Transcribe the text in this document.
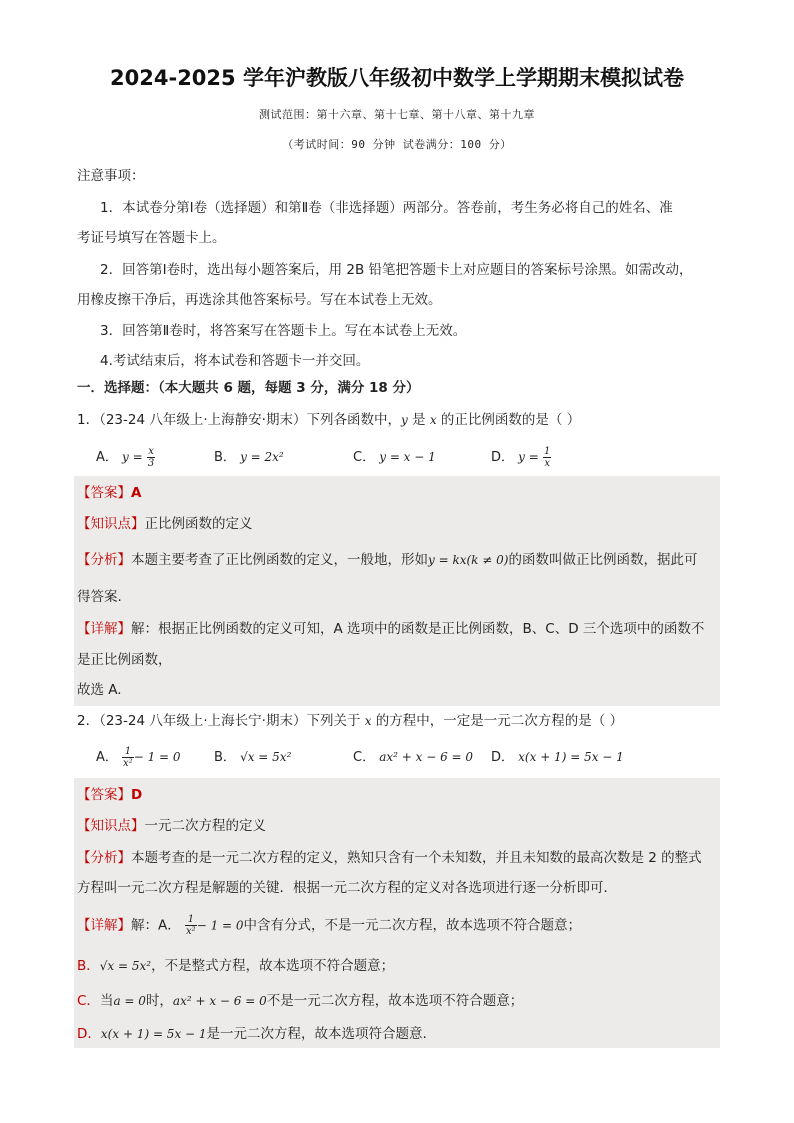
2024-2025 学年沪教版八年级初中数学上学期期末模拟试卷
测试范围：第十六章、第十七章、第十八章、第十九章
（考试时间：90 分钟 试卷满分：100 分）
注意事项：
1．本试卷分第Ⅰ卷（选择题）和第Ⅱ卷（非选择题）两部分。答卷前，考生务必将自己的姓名、准
考证号填写在答题卡上。
2．回答第Ⅰ卷时，选出每小题答案后，用 2B 铅笔把答题卡上对应题目的答案标号涂黑。如需改动，
用橡皮擦干净后，再选涂其他答案标号。写在本试卷上无效。
3．回答第Ⅱ卷时，将答案写在答题卡上。写在本试卷上无效。
4.考试结束后，将本试卷和答题卡一并交回。
一．选择题：（本大题共 6 题，每题 3 分，满分 18 分）
1．（23-24 八年级上·上海静安·期末）下列各函数中，y 是 x 的正比例函数的是（ ）
A． $y = \frac{x}{3}$	B． y = 2x²	C． y = x − 1	D． $y = \frac{1}{x}$
【答案】A
【知识点】正比例函数的定义
【分析】本题主要考查了正比例函数的定义，一般地，形如y = kx(k ≠ 0)的函数叫做正比例函数，据此可
得答案.
【详解】解：根据正比例函数的定义可知，A 选项中的函数是正比例函数，B、C、D 三个选项中的函数不
是正比例函数，
故选 A.
2．（23-24 八年级上·上海长宁·期末）下列关于 x 的方程中，一定是一元二次方程的是（ ）
A． $\frac{1}{\text{x²}} - 1 = 0$	B． √x = 5x²	C． ax² + x − 6 = 0 D． x(x + 1) = 5x − 1
【答案】D
【知识点】一元二次方程的定义
【分析】本题考查的是一元二次方程的定义，熟知只含有一个未知数，并且未知数的最高次数是 2 的整式
方程叫一元二次方程是解题的关键．根据一元二次方程的定义对各选项进行逐一分析即可．
【详解】解：A． $\frac{1}{\text{x²}} - 1 = 0$中含有分式，不是一元二次方程，故本选项不符合题意；
B．√x = 5x²，不是整式方程，故本选项不符合题意；
C．当a = 0时，ax² + x − 6 = 0不是一元二次方程，故本选项不符合题意；
D．x(x + 1) = 5x − 1是一元二次方程，故本选项符合题意.
